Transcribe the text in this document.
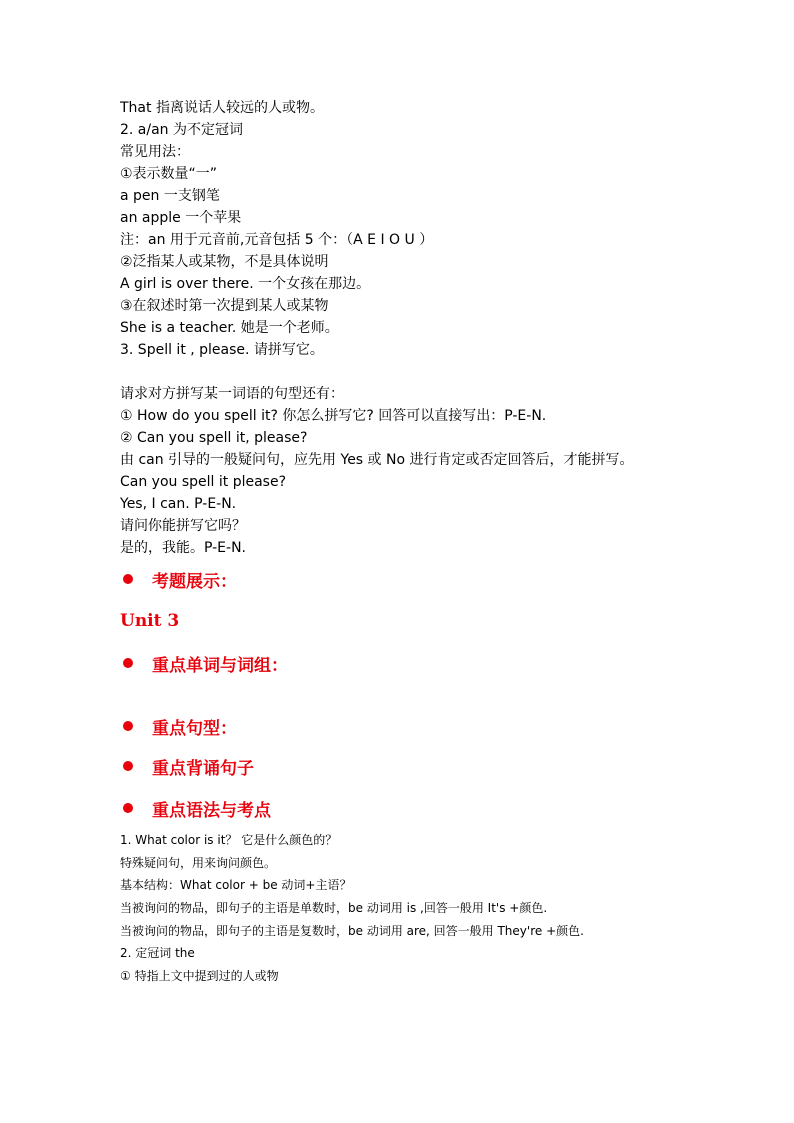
That 指离说话人较远的人或物。
2. a/an 为不定冠词
常见用法：
①表示数量“一”
a pen 一支钢笔
an apple 一个苹果
注：an 用于元音前,元音包括 5 个：（A E I O U ）
②泛指某人或某物，不是具体说明
A girl is over there. 一个女孩在那边。
③在叙述时第一次提到某人或某物
She is a teacher. 她是一个老师。
3. Spell it , please. 请拼写它。
请求对方拼写某一词语的句型还有：
① How do you spell it? 你怎么拼写它? 回答可以直接写出：P-E-N.
② Can you spell it, please?
由 can 引导的一般疑问句，应先用 Yes 或 No 进行肯定或否定回答后，才能拼写。
Can you spell it please?
Yes, I can. P-E-N.
请问你能拼写它吗？
是的，我能。P-E-N.
考题展示：
Unit 3
重点单词与词组：
重点句型：
重点背诵句子
重点语法与考点
1. What color is it？ 它是什么颜色的？
特殊疑问句，用来询问颜色。
基本结构：What color + be 动词+主语？
当被询问的物品，即句子的主语是单数时，be 动词用 is ,回答一般用 It's +颜色.
当被询问的物品，即句子的主语是复数时，be 动词用 are, 回答一般用 They're +颜色.
2. 定冠词 the
① 特指上文中提到过的人或物
